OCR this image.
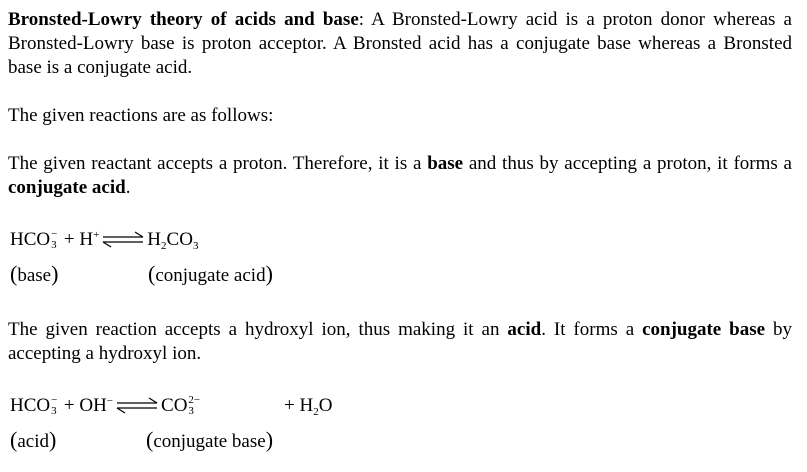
Bronsted-Lowry theory of acids and base: A Bronsted-Lowry acid is a proton donor whereas a Bronsted-Lowry base is proton acceptor. A Bronsted acid has a conjugate base whereas a Bronsted base is a conjugate acid.
The given reactions are as follows:
The given reactant accepts a proton. Therefore, it is a base and thus by accepting a proton, it forms a conjugate acid.
HCO −
3 + H+ ⇌ $H_2CO_3$
(base)	(conjugate acid)
The given reaction accepts a hydroxyl ion, thus making it an acid. It forms a conjugate base by accepting a hydroxyl ion.
HCO −
3 + OH− ⇌ CO 2−
3	+ $H_2O$
(acid)	(conjugate base)
